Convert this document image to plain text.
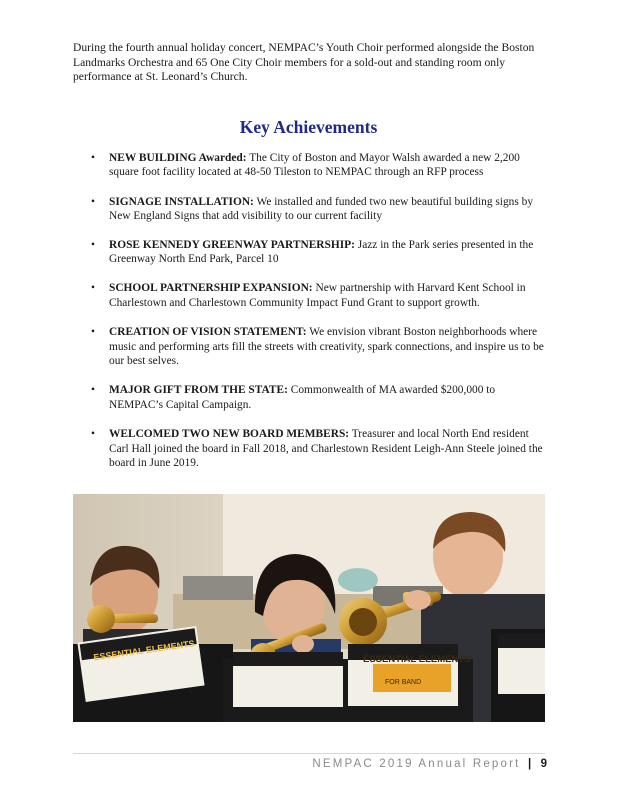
During the fourth annual holiday concert, NEMPAC’s Youth Choir performed alongside the Boston Landmarks Orchestra and 65 One City Choir members for a sold-out and standing room only performance at St. Leonard’s Church.

Key Achievements
• NEW BUILDING Awarded: The City of Boston and Mayor Walsh awarded a new 2,200 square foot facility located at 48-50 Tileston to NEMPAC through an RFP process
• SIGNAGE INSTALLATION: We installed and funded two new beautiful building signs by New England Signs that add visibility to our current facility
• ROSE KENNEDY GREENWAY PARTNERSHIP: Jazz in the Park series presented in the Greenway North End Park, Parcel 10
• SCHOOL PARTNERSHIP EXPANSION: New partnership with Harvard Kent School in Charlestown and Charlestown Community Impact Fund Grant to support growth.
• CREATION OF VISION STATEMENT: We envision vibrant Boston neighborhoods where music and performing arts fill the streets with creativity, spark connections, and inspire us to be our best selves.
• MAJOR GIFT FROM THE STATE: Commonwealth of MA awarded $200,000 to NEMPAC’s Capital Campaign.
• WELCOMED TWO NEW BOARD MEMBERS: Treasurer and local North End resident Carl Hall joined the board in Fall 2018, and Charlestown Resident Leigh-Ann Steele joined the board in June 2019.
ESSENTIAL ELEMENTS	ESSENTIAL ELEMENTS
FOR BAND
NEMPAC 2019 Annual Report | 9
